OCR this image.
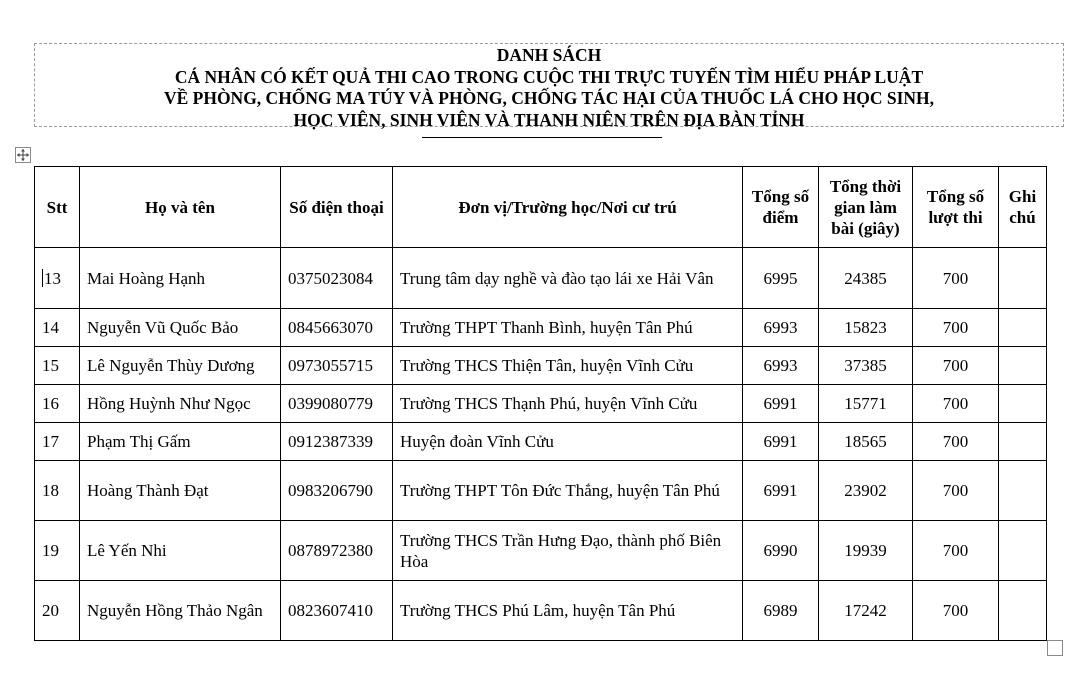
DANH SÁCH
CÁ NHÂN CÓ KẾT QUẢ THI CAO TRONG CUỘC THI TRỰC TUYẾN TÌM HIỂU PHÁP LUẬT
VỀ PHÒNG, CHỐNG MA TÚY VÀ PHÒNG, CHỐNG TÁC HẠI CỦA THUỐC LÁ CHO HỌC SINH,
HỌC VIÊN, SINH VIÊN VÀ THANH NIÊN TRÊN ĐỊA BÀN TỈNH
Stt	Họ và tên	Số điện thoại	Đơn vị/Trường học/Nơi cư trú	Tổng số điểm	Tổng thời gian làm bài (giây)	Tổng số lượt thi	Ghi chú
13	Mai Hoàng Hạnh	0375023084	Trung tâm dạy nghề và đào tạo lái xe Hải Vân	6995	24385	700	
14	Nguyễn Vũ Quốc Bảo	0845663070	Trường THPT Thanh Bình, huyện Tân Phú	6993	15823	700	
15	Lê Nguyễn Thùy Dương	0973055715	Trường THCS Thiện Tân, huyện Vĩnh Cửu	6993	37385	700	
16	Hồng Huỳnh Như Ngọc	0399080779	Trường THCS Thạnh Phú, huyện Vĩnh Cửu	6991	15771	700	
17	Phạm Thị Gấm	0912387339	Huyện đoàn Vĩnh Cửu	6991	18565	700	
18	Hoàng Thành Đạt	0983206790	Trường THPT Tôn Đức Thắng, huyện Tân Phú	6991	23902	700	
19	Lê Yến Nhi	0878972380	Trường THCS Trần Hưng Đạo, thành phố Biên Hòa	6990	19939	700	
20	Nguyễn Hồng Thảo Ngân	0823607410	Trường THCS Phú Lâm, huyện Tân Phú	6989	17242	700	
